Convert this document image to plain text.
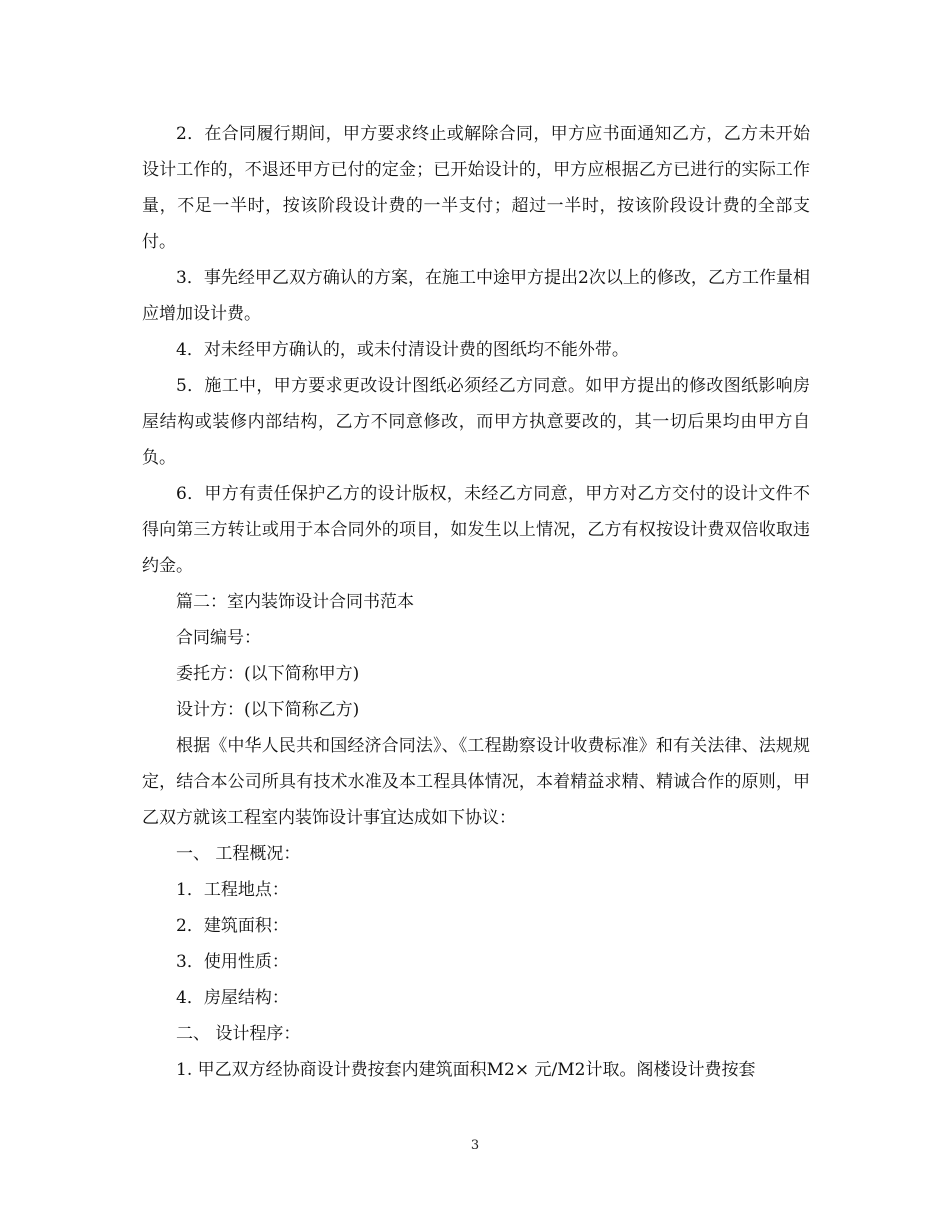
2．在合同履行期间，甲方要求终止或解除合同，甲方应书面通知乙方，乙方未开始设计工作的，不退还甲方已付的定金；已开始设计的，甲方应根据乙方已进行的实际工作量，不足一半时，按该阶段设计费的一半支付；超过一半时，按该阶段设计费的全部支付。

3．事先经甲乙双方确认的方案，在施工中途甲方提出2次以上的修改，乙方工作量相应增加设计费。

4．对未经甲方确认的，或未付清设计费的图纸均不能外带。

5．施工中，甲方要求更改设计图纸必须经乙方同意。如甲方提出的修改图纸影响房屋结构或装修内部结构，乙方不同意修改，而甲方执意要改的，其一切后果均由甲方自负。

6．甲方有责任保护乙方的设计版权，未经乙方同意，甲方对乙方交付的设计文件不得向第三方转让或用于本合同外的项目，如发生以上情况，乙方有权按设计费双倍收取违约金。

篇二：室内装饰设计合同书范本

合同编号：

委托方：(以下简称甲方)

设计方：(以下简称乙方)

根据《中华人民共和国经济合同法》、《工程勘察设计收费标准》和有关法律、法规规定，结合本公司所具有技术水准及本工程具体情况，本着精益求精、精诚合作的原则，甲乙双方就该工程室内装饰设计事宜达成如下协议：

一、 工程概况：

1．工程地点：

2．建筑面积：

3．使用性质：

4．房屋结构：

二、 设计程序：

1. 甲乙双方经协商设计费按套内建筑面积M2× 元/M2计取。阁楼设计费按套

3
